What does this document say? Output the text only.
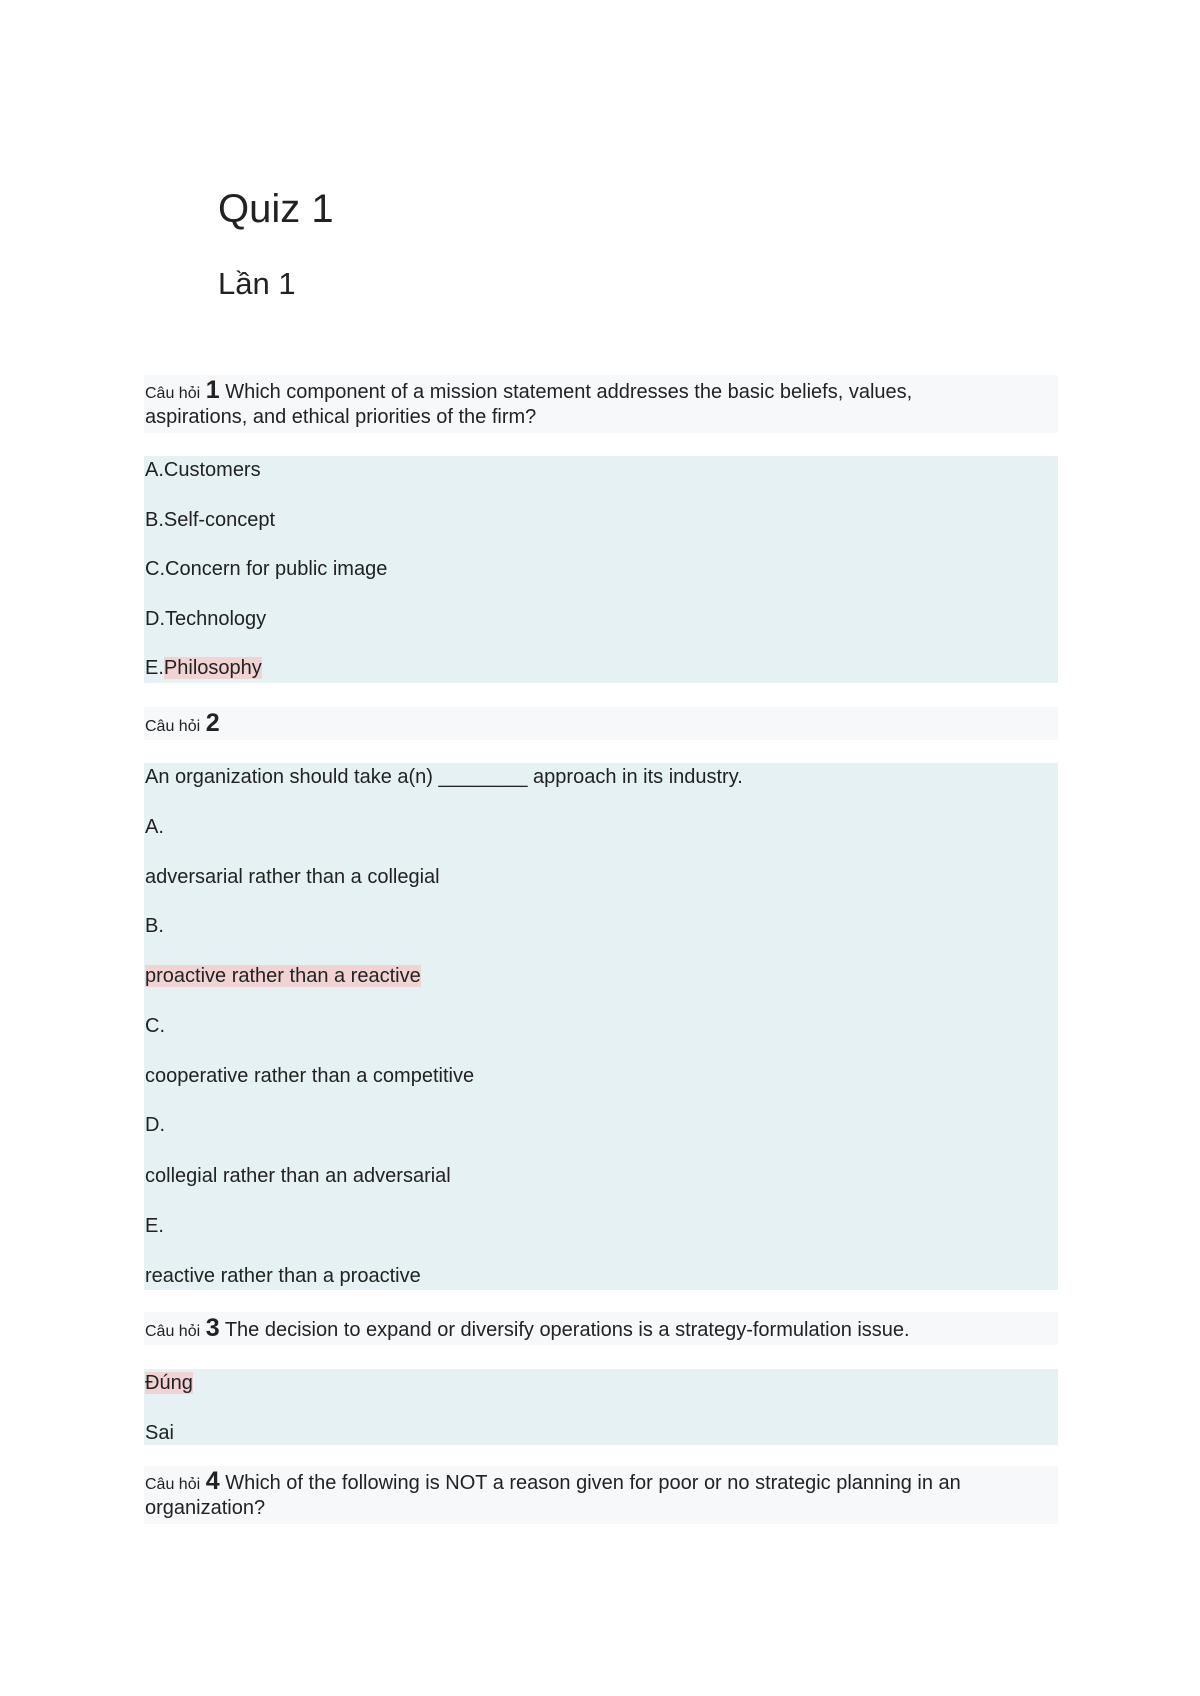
Quiz 1
Lần 1
Câu hỏi 1 Which component of a mission statement addresses the basic beliefs, values,
aspirations, and ethical priorities of the firm?
A.Customers
B.Self-concept
C.Concern for public image
D.Technology
E.Philosophy
Câu hỏi 2
An organization should take a(n) ________ approach in its industry.
A.
adversarial rather than a collegial
B.
proactive rather than a reactive
C.
cooperative rather than a competitive
D.
collegial rather than an adversarial
E.
reactive rather than a proactive
Câu hỏi 3 The decision to expand or diversify operations is a strategy-formulation issue.
Đúng
Sai
Câu hỏi 4 Which of the following is NOT a reason given for poor or no strategic planning in an
organization?
